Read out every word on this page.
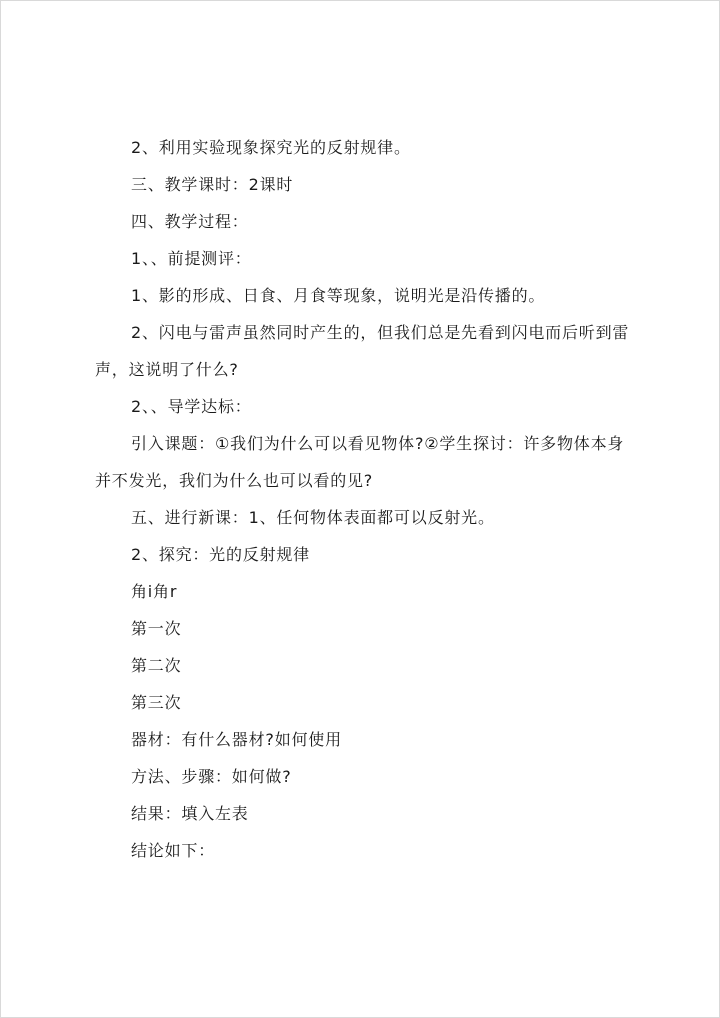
2、利用实验现象探究光的反射规律。

三、教学课时：2课时

四、教学过程：

1、、前提测评：

1、影的形成、日食、月食等现象，说明光是沿传播的。

2、闪电与雷声虽然同时产生的，但我们总是先看到闪电而后听到雷声，这说明了什么?

2、、导学达标：

引入课题：①我们为什么可以看见物体?②学生探讨：许多物体本身并不发光，我们为什么也可以看的见?

五、进行新课：1、任何物体表面都可以反射光。

2、探究：光的反射规律

角i角r

第一次

第二次

第三次

器材：有什么器材?如何使用

方法、步骤：如何做?

结果：填入左表

结论如下：
